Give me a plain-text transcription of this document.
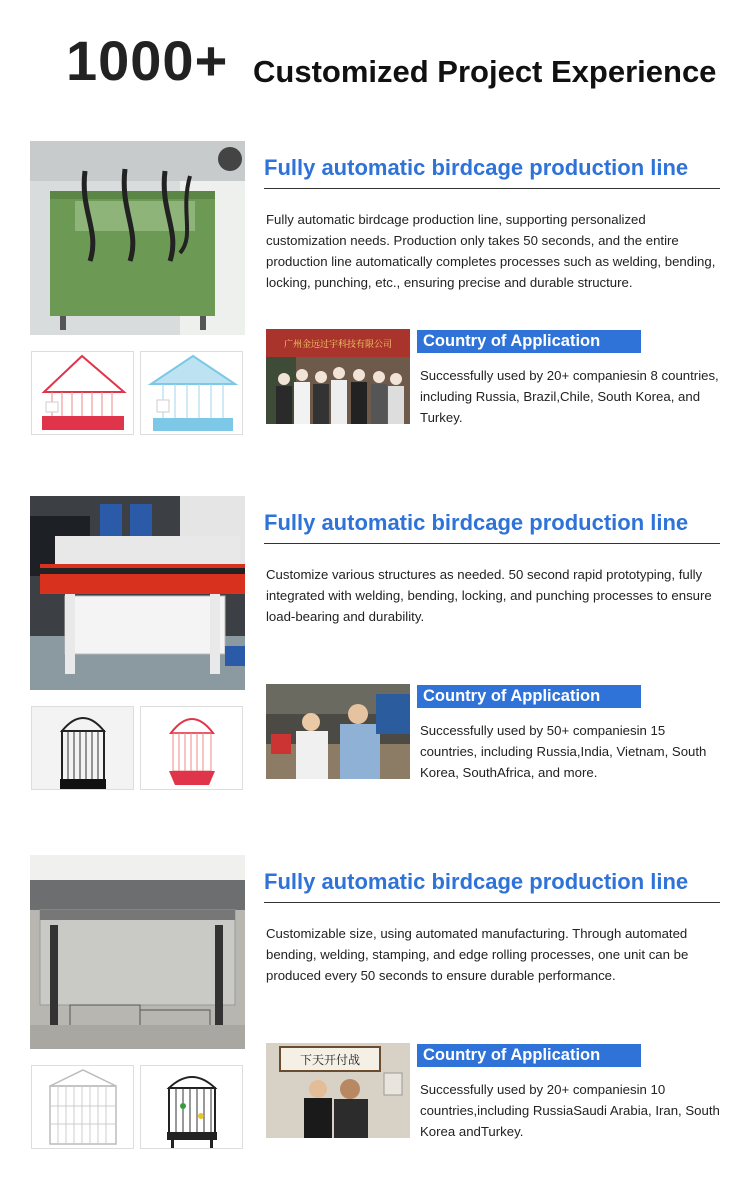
1000+ Customized Project Experience
Fully automatic birdcage production line
Fully automatic birdcage production line, supporting personalized customization needs. Production only takes 50 seconds, and the entire production line automatically completes processes such as welding, bending, locking, punching, etc., ensuring precise and durable structure.
广州金远过宇科技有限公司	Country of Application
Successfully used by 20+ companiesin 8 countries, including Russia, Brazil,Chile, South Korea, and Turkey.
Fully automatic birdcage production line
Customize various structures as needed. 50 second rapid prototyping, fully integrated with welding, bending, locking, and punching processes to ensure load-bearing and durability.
Country of Application
Successfully used by 50+ companiesin 15 countries, including Russia,India, Vietnam, South Korea, SouthAfrica, and more.
Fully automatic birdcage production line
Customizable size, using automated manufacturing. Through automated bending, welding, stamping, and edge rolling processes, one unit can be produced every 50 seconds to ensure durable performance.
下天开付战	Country of Application
Successfully used by 20+ companiesin 10 countries,including RussiaSaudi Arabia, Iran, South Korea andTurkey.
